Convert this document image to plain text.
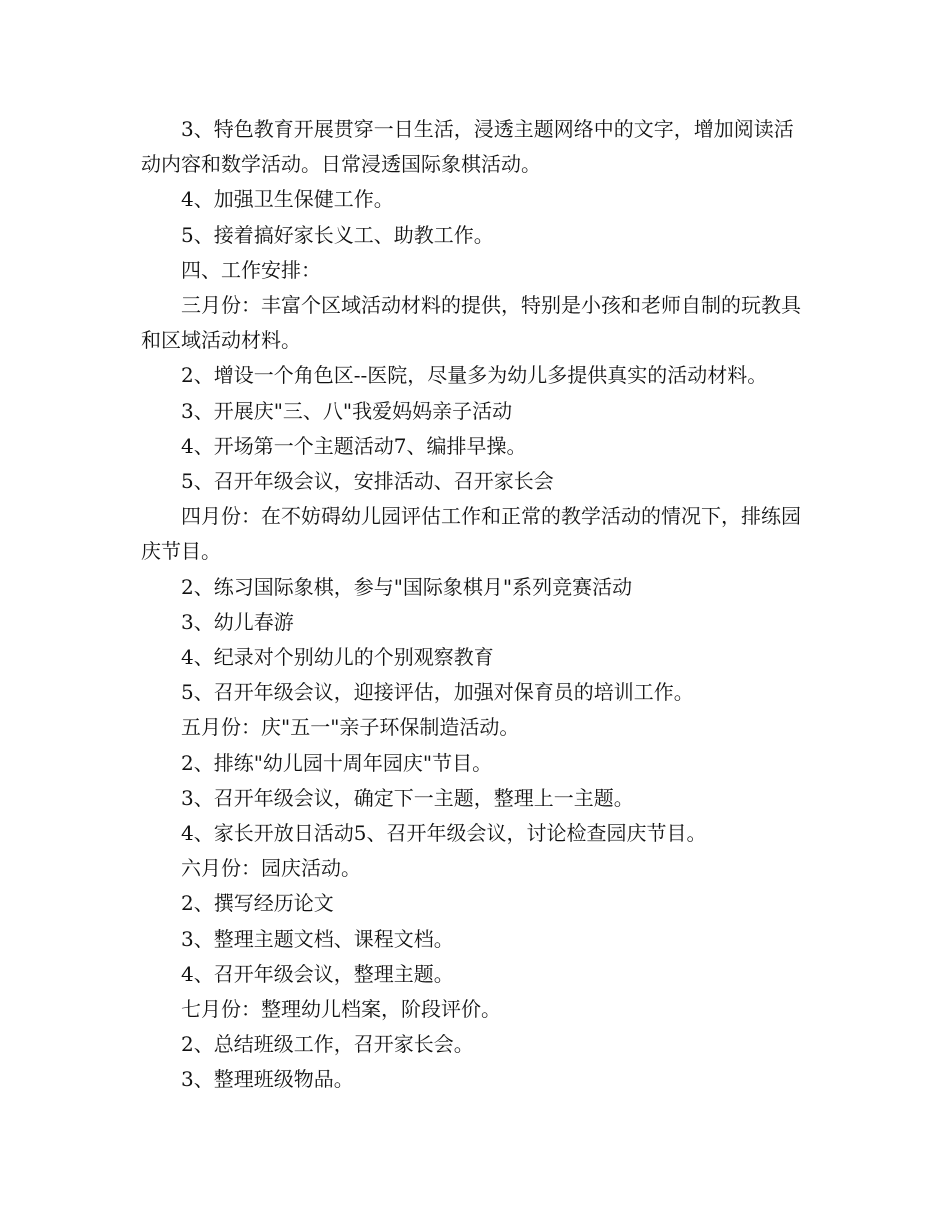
3、特色教育开展贯穿一日生活，浸透主题网络中的文字，增加阅读活动内容和数学活动。日常浸透国际象棋活动。

4、加强卫生保健工作。

5、接着搞好家长义工、助教工作。

四、工作安排：

三月份：丰富个区域活动材料的提供，特别是小孩和老师自制的玩教具和区域活动材料。

2、增设一个角色区--医院，尽量多为幼儿多提供真实的活动材料。

3、开展庆"三、八"我爱妈妈亲子活动

4、开场第一个主题活动7、编排早操。

5、召开年级会议，安排活动、召开家长会

四月份：在不妨碍幼儿园评估工作和正常的教学活动的情况下，排练园庆节目。

2、练习国际象棋，参与"国际象棋月"系列竞赛活动

3、幼儿春游

4、纪录对个别幼儿的个别观察教育

5、召开年级会议，迎接评估，加强对保育员的培训工作。

五月份：庆"五一"亲子环保制造活动。

2、排练"幼儿园十周年园庆"节目。

3、召开年级会议，确定下一主题，整理上一主题。

4、家长开放日活动5、召开年级会议，讨论检查园庆节目。

六月份：园庆活动。

2、撰写经历论文

3、整理主题文档、课程文档。

4、召开年级会议，整理主题。

七月份：整理幼儿档案，阶段评价。

2、总结班级工作，召开家长会。

3、整理班级物品。
